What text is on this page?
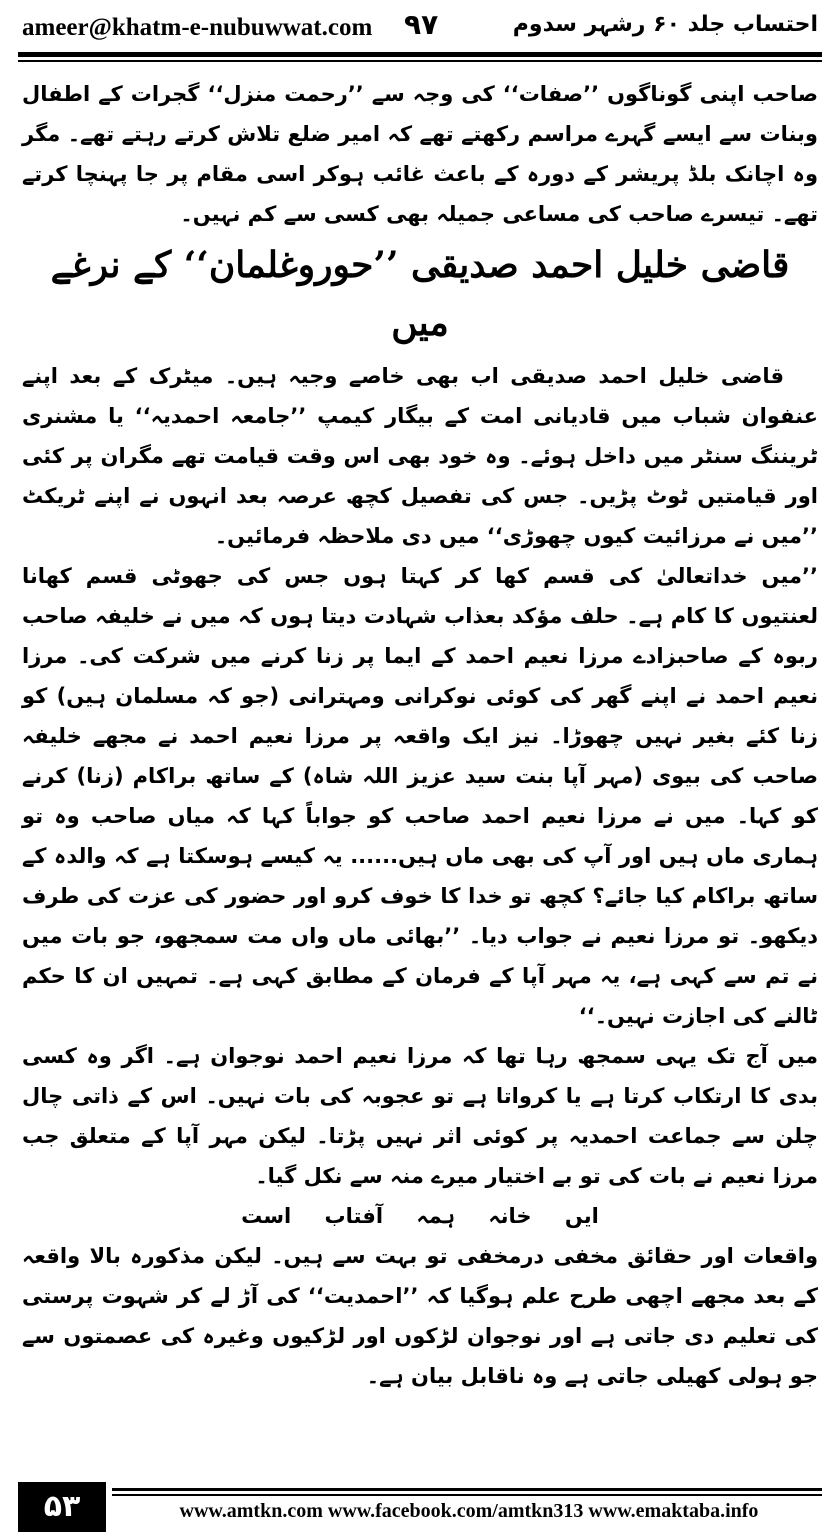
ameer@khatm-e-nubuwwat.com ۹۷	احتساب جلد ۶۰ رشہر سدوم

صاحب اپنی گوناگوں ’’صفات‘‘ کی وجہ سے ’’رحمت منزل‘‘ گجرات کے اطفال وبنات سے ایسے گہرے مراسم رکھتے تھے کہ امیر ضلع تلاش کرتے رہتے تھے۔ مگر وہ اچانک بلڈ پریشر کے دورہ کے باعث غائب ہوکر اسی مقام پر جا پہنچا کرتے تھے۔ تیسرے صاحب کی مساعی جمیلہ بھی کسی سے کم نہیں۔

قاضی خلیل احمد صدیقی ’’حوروغلمان‘‘ کے نرغے میں

قاضی خلیل احمد صدیقی اب بھی خاصے وجیہ ہیں۔ میٹرک کے بعد اپنے عنفوان شباب میں قادیانی امت کے بیگار کیمپ ’’جامعہ احمدیہ‘‘ یا مشنری ٹریننگ سنٹر میں داخل ہوئے۔ وہ خود بھی اس وقت قیامت تھے مگران پر کئی اور قیامتیں ٹوٹ پڑیں۔ جس کی تفصیل کچھ عرصہ بعد انہوں نے اپنے ٹریکٹ ’’میں نے مرزائیت کیوں چھوڑی‘‘ میں دی ملاحظہ فرمائیں۔

’’میں خداتعالیٰ کی قسم کھا کر کہتا ہوں جس کی جھوٹی قسم کھانا لعنتیوں کا کام ہے۔ حلف مؤکد بعذاب شہادت دیتا ہوں کہ میں نے خلیفہ صاحب ربوہ کے صاحبزادے مرزا نعیم احمد کے ایما پر زنا کرنے میں شرکت کی۔ مرزا نعیم احمد نے اپنے گھر کی کوئی نوکرانی ومہترانی (جو کہ مسلمان ہیں) کو زنا کئے بغیر نہیں چھوڑا۔ نیز ایک واقعہ پر مرزا نعیم احمد نے مجھے خلیفہ صاحب کی بیوی (مہر آپا بنت سید عزیز اللہ شاہ) کے ساتھ براکام (زنا) کرنے کو کہا۔ میں نے مرزا نعیم احمد صاحب کو جواباً کہا کہ میاں صاحب وہ تو ہماری ماں ہیں اور آپ کی بھی ماں ہیں...... یہ کیسے ہوسکتا ہے کہ والدہ کے ساتھ براکام کیا جائے؟ کچھ تو خدا کا خوف کرو اور حضور کی عزت کی طرف دیکھو۔ تو مرزا نعیم نے جواب دیا۔ ’’بھائی ماں واں مت سمجھو، جو بات میں نے تم سے کہی ہے، یہ مہر آپا کے فرمان کے مطابق کہی ہے۔ تمہیں ان کا حکم ٹالنے کی اجازت نہیں۔‘‘

میں آج تک یہی سمجھ رہا تھا کہ مرزا نعیم احمد نوجوان ہے۔ اگر وہ کسی بدی کا ارتکاب کرتا ہے یا کرواتا ہے تو عجوبہ کی بات نہیں۔ اس کے ذاتی چال چلن سے جماعت احمدیہ پر کوئی اثر نہیں پڑتا۔ لیکن مہر آپا کے متعلق جب مرزا نعیم نے بات کی تو بے اختیار میرے منہ سے نکل گیا۔

ایں خانہ ہمہ آفتاب است

واقعات اور حقائق مخفی درمخفی تو بہت سے ہیں۔ لیکن مذکورہ بالا واقعہ کے بعد مجھے اچھی طرح علم ہوگیا کہ ’’احمدیت‘‘ کی آڑ لے کر شہوت پرستی کی تعلیم دی جاتی ہے اور نوجوان لڑکوں اور لڑکیوں وغیرہ کی عصمتوں سے جو ہولی کھیلی جاتی ہے وہ ناقابل بیان ہے۔

۵۳	www.amtkn.com www.facebook.com/amtkn313 www.emaktaba.info
